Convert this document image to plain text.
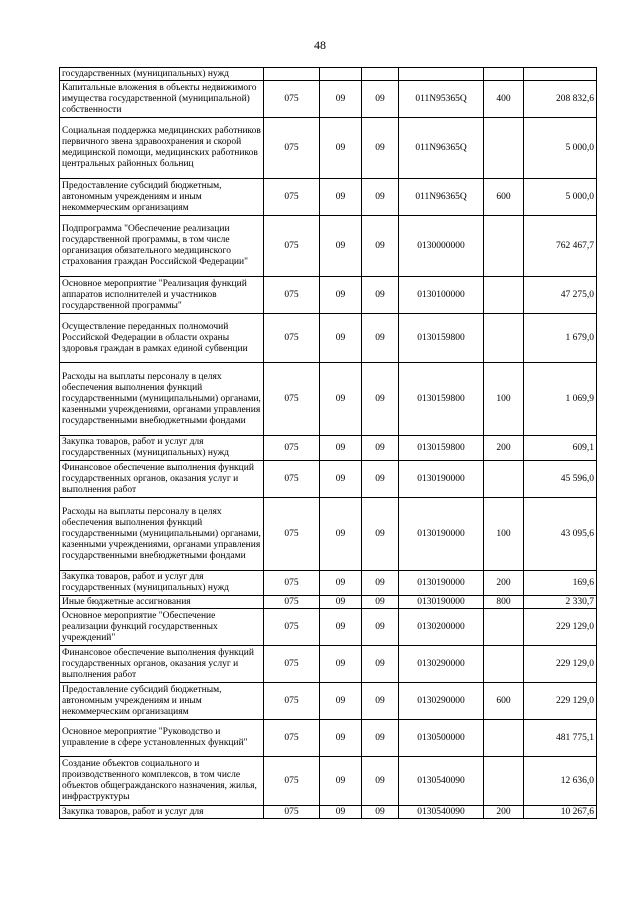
48
государственных (муниципальных) нужд						
Капитальные вложения в объекты недвижимого имущества государственной (муниципальной) собственности	075	09	09	011N95365Q	400	208 832,6
Социальная поддержка медицинских работников первичного звена здравоохранения и скорой медицинской помощи, медицинских работников центральных районных больниц	075	09	09	011N96365Q		5 000,0
Предоставление субсидий бюджетным, автономным учреждениям и иным некоммерческим организациям	075	09	09	011N96365Q	600	5 000,0
Подпрограмма "Обеспечение реализации государственной программы, в том числе организация обязательного медицинского страхования граждан Российской Федерации"	075	09	09	0130000000		762 467,7
Основное мероприятие "Реализация функций аппаратов исполнителей и участников государственной программы"	075	09	09	0130100000		47 275,0
Осуществление переданных полномочий Российской Федерации в области охраны здоровья граждан в рамках единой субвенции	075	09	09	0130159800		1 679,0
Расходы на выплаты персоналу в целях обеспечения выполнения функций государственными (муниципальными) органами, казенными учреждениями, органами управления государственными внебюджетными фондами	075	09	09	0130159800	100	1 069,9
Закупка товаров, работ и услуг для государственных (муниципальных) нужд	075	09	09	0130159800	200	609,1
Финансовое обеспечение выполнения функций государственных органов, оказания услуг и выполнения работ	075	09	09	0130190000		45 596,0
Расходы на выплаты персоналу в целях обеспечения выполнения функций государственными (муниципальными) органами, казенными учреждениями, органами управления государственными внебюджетными фондами	075	09	09	0130190000	100	43 095,6
Закупка товаров, работ и услуг для государственных (муниципальных) нужд	075	09	09	0130190000	200	169,6
Иные бюджетные ассигнования	075	09	09	0130190000	800	2 330,7
Основное мероприятие "Обеспечение реализации функций государственных учреждений"	075	09	09	0130200000		229 129,0
Финансовое обеспечение выполнения функций государственных органов, оказания услуг и выполнения работ	075	09	09	0130290000		229 129,0
Предоставление субсидий бюджетным, автономным учреждениям и иным некоммерческим организациям	075	09	09	0130290000	600	229 129,0
Основное мероприятие "Руководство и управление в сфере установленных функций"	075	09	09	0130500000		481 775,1
Создание объектов социального и производственного комплексов, в том числе объектов общегражданского назначения, жилья, инфраструктуры	075	09	09	0130540090		12 636,0
Закупка товаров, работ и услуг для	075	09	09	0130540090	200	10 267,6
